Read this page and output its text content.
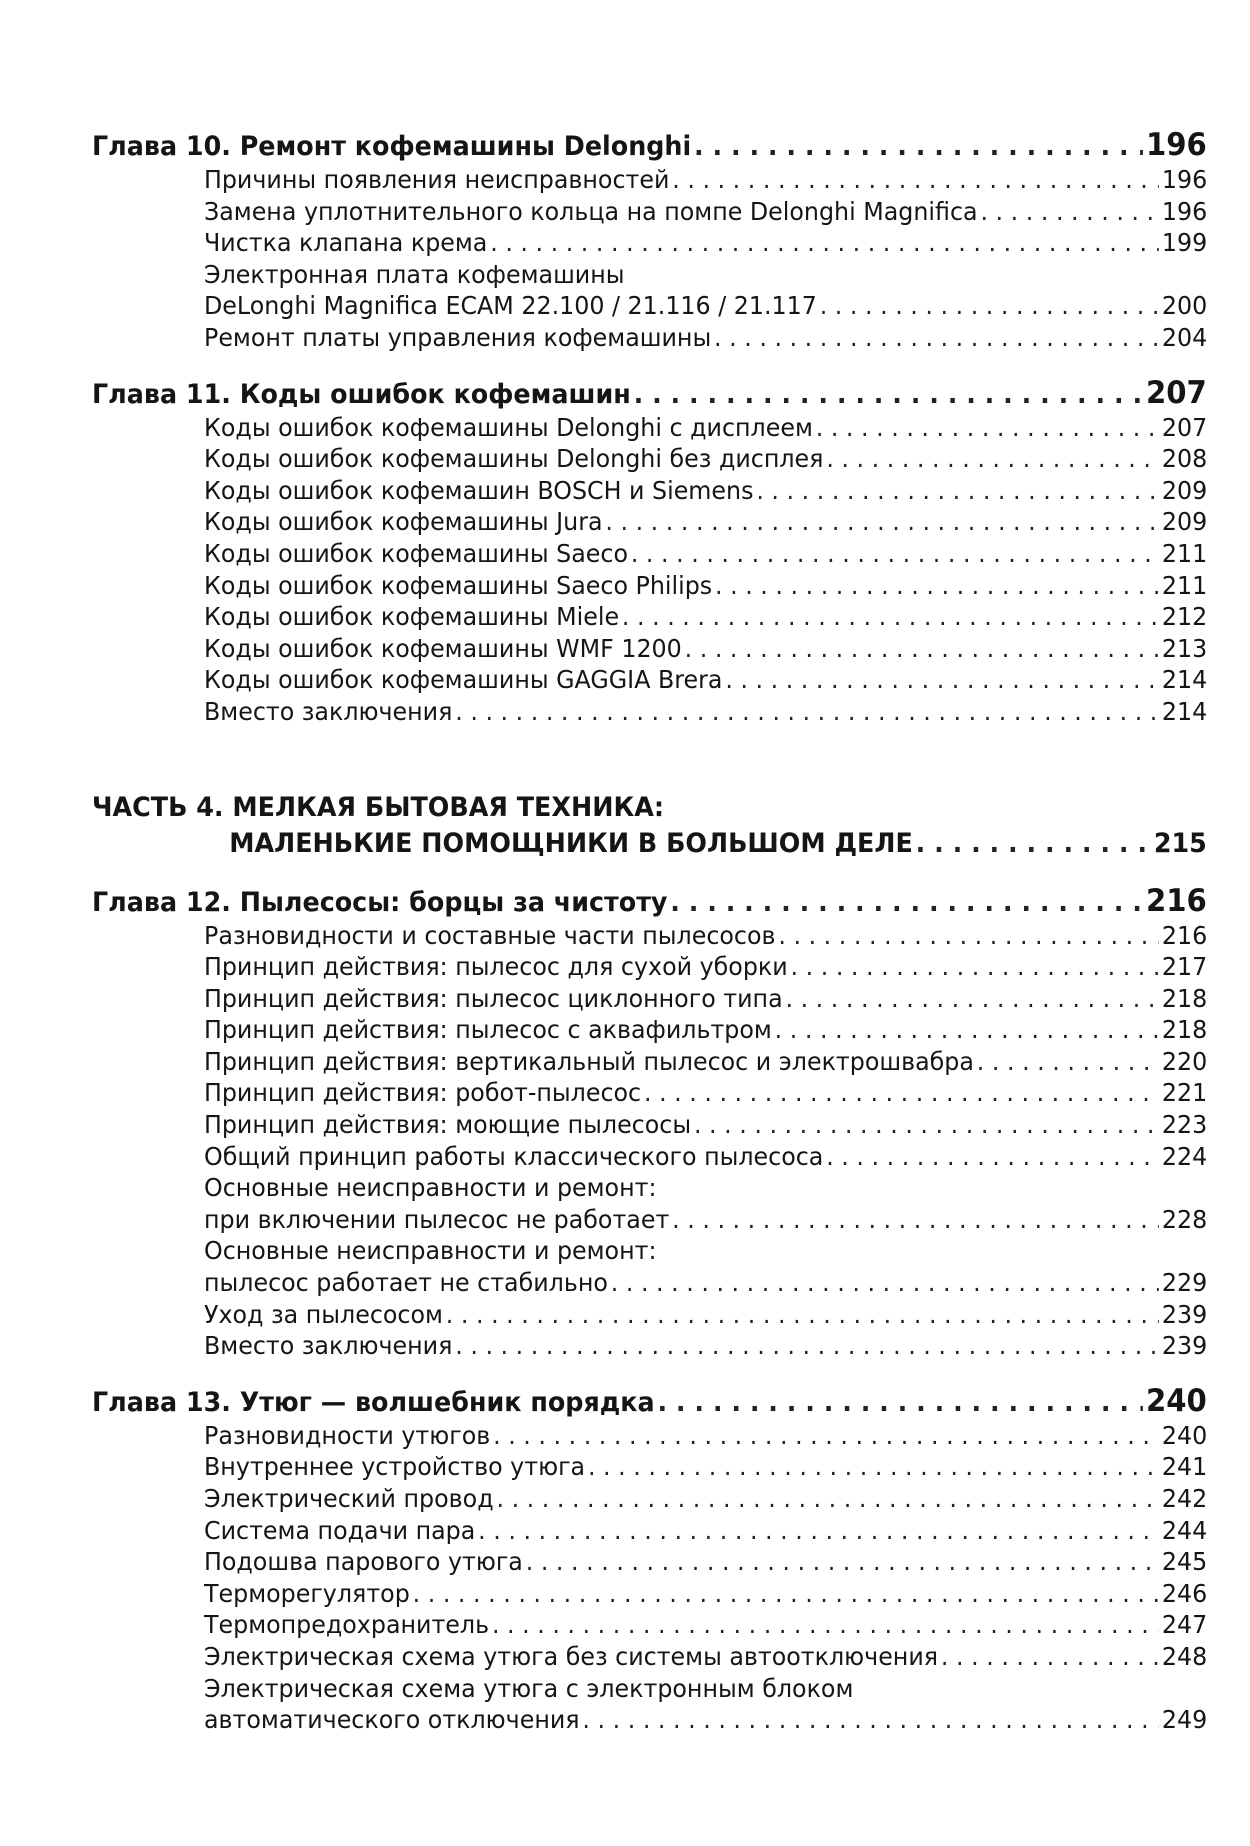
Глава 10. Ремонт кофемашины Delonghi . . .	196
Причины появления неисправностей . . .	196
Замена уплотнительного кольца на помпе Delonghi Magnifica . . .	196
Чистка клапана крема . . .	199
Электронная плата кофемашины
DeLonghi Magnifica ECAM 22.100 / 21.116 / 21.117 . . .	200
Ремонт платы управления кофемашины . . .	204
Глава 11. Коды ошибок кофемашин . . .	207
Коды ошибок кофемашины Delonghi с дисплеем . . .	207
Коды ошибок кофемашины Delonghi без дисплея . . .	208
Коды ошибок кофемашин BOSCH и Siemens . . .	209
Коды ошибок кофемашины Jura . . .	209
Коды ошибок кофемашины Saeco . . .	211
Коды ошибок кофемашины Saeco Philips . . .	211
Коды ошибок кофемашины Miele . . .	212
Коды ошибок кофемашины WMF 1200 . . .	213
Коды ошибок кофемашины GAGGIA Brera . . .	214
Вместо заключения . . .	214
ЧАСТЬ 4. МЕЛКАЯ БЫТОВАЯ ТЕХНИКА:
МАЛЕНЬКИЕ ПОМОЩНИКИ В БОЛЬШОМ ДЕЛЕ . . .	215
Глава 12. Пылесосы: борцы за чистоту . . .	216
Разновидности и составные части пылесосов . . .	216
Принцип действия: пылесос для сухой уборки . . .	217
Принцип действия: пылесос циклонного типа . . .	218
Принцип действия: пылесос с аквафильтром . . .	218
Принцип действия: вертикальный пылесос и электрошвабра . . .	220
Принцип действия: робот-пылесос . . .	221
Принцип действия: моющие пылесосы . . .	223
Общий принцип работы классического пылесоса . . .	224
Основные неисправности и ремонт:
при включении пылесос не работает . . .	228
Основные неисправности и ремонт:
пылесос работает не стабильно . . .	229
Уход за пылесосом . . .	239
Вместо заключения . . .	239
Глава 13. Утюг — волшебник порядка . . .	240
Разновидности утюгов . . .	240
Внутреннее устройство утюга . . .	241
Электрический провод . . .	242
Система подачи пара . . .	244
Подошва парового утюга . . .	245
Терморегулятор . . .	246
Термопредохранитель . . .	247
Электрическая схема утюга без системы автоотключения . . .	248
Электрическая схема утюга с электронным блоком
автоматического отключения . . .	249
